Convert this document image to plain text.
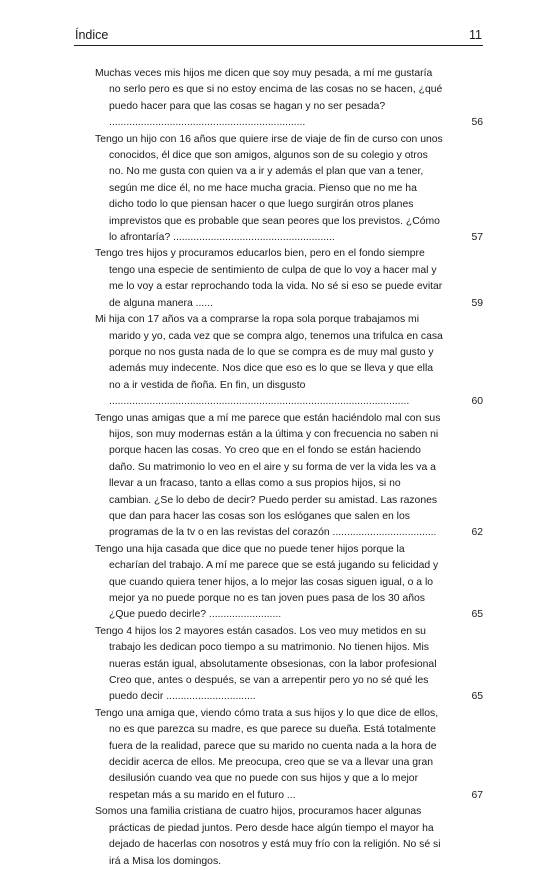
Índice	11
Muchas veces mis hijos me dicen que soy muy pesada, a mí me gustaría no serlo pero es que si no estoy encima de las cosas no se hacen, ¿qué puedo hacer para que las cosas se hagan y no ser pesada? ....................................................................	56
Tengo un hijo con 16 años que quiere irse de viaje de fin de curso con unos conocidos, él dice que son amigos, algunos son de su colegio y otros no. No me gusta con quien va a ir y además el plan que van a tener, según me dice él, no me hace mucha gracia. Pienso que no me ha dicho todo lo que piensan hacer o que luego surgirán otros planes imprevistos que es probable que sean peores que los previstos. ¿Cómo lo afrontaría? ........................................................	57
Tengo tres hijos y procuramos educarlos bien, pero en el fondo siempre tengo una especie de sentimiento de culpa de que lo voy a hacer mal y me lo voy a estar reprochando toda la vida. No sé si eso se puede evitar de alguna manera ......	59
Mi hija con 17 años va a comprarse la ropa sola porque trabajamos mi marido y yo, cada vez que se compra algo, tenemos una trifulca en casa porque no nos gusta nada de lo que se compra es de muy mal gusto y además muy indecente. Nos dice que eso es lo que se lleva y que ella no a ir vestida de ñoña. En fin, un disgusto ........................................................................................................	60
Tengo unas amigas que a mí me parece que están haciéndolo mal con sus hijos, son muy modernas están a la última y con frecuencia no saben ni porque hacen las cosas. Yo creo que en el fondo se están haciendo daño. Su matrimonio lo veo en el aire y su forma de ver la vida les va a llevar a un fracaso, tanto a ellas como a sus propios hijos, si no cambian. ¿Se lo debo de decir? Puedo perder su amistad. Las razones que dan para hacer las cosas son los eslóganes que salen en los programas de la tv o en las revistas del corazón ....................................	62
Tengo una hija casada que dice que no puede tener hijos porque la echarían del trabajo. A mí me parece que se está jugando su felicidad y que cuando quiera tener hijos, a lo mejor las cosas siguen igual, o a lo mejor ya no puede porque no es tan joven pues pasa de los 30 años ¿Que puedo decirle? .........................	65
Tengo 4 hijos los 2 mayores están casados. Los veo muy metidos en su trabajo les dedican poco tiempo a su matrimonio. No tienen hijos. Mis nueras están igual, absolutamente obsesionas, con la labor profesional Creo que, antes o después, se van a arrepentir pero yo no sé qué les puedo decir ...............................	65
Tengo una amiga que, viendo cómo trata a sus hijos y lo que dice de ellos, no es que parezca su madre, es que parece su dueña. Está totalmente fuera de la realidad, parece que su marido no cuenta nada a la hora de decidir acerca de ellos. Me preocupa, creo que se va a llevar una gran desilusión cuando vea que no puede con sus hijos y que a lo mejor respetan más a su marido en el futuro ...	67
Somos una familia cristiana de cuatro hijos, procuramos hacer algunas prácticas de piedad juntos. Pero desde hace algún tiempo el mayor ha dejado de hacerlas con nosotros y está muy frío con la religión. No sé si irá a Misa los domingos.
